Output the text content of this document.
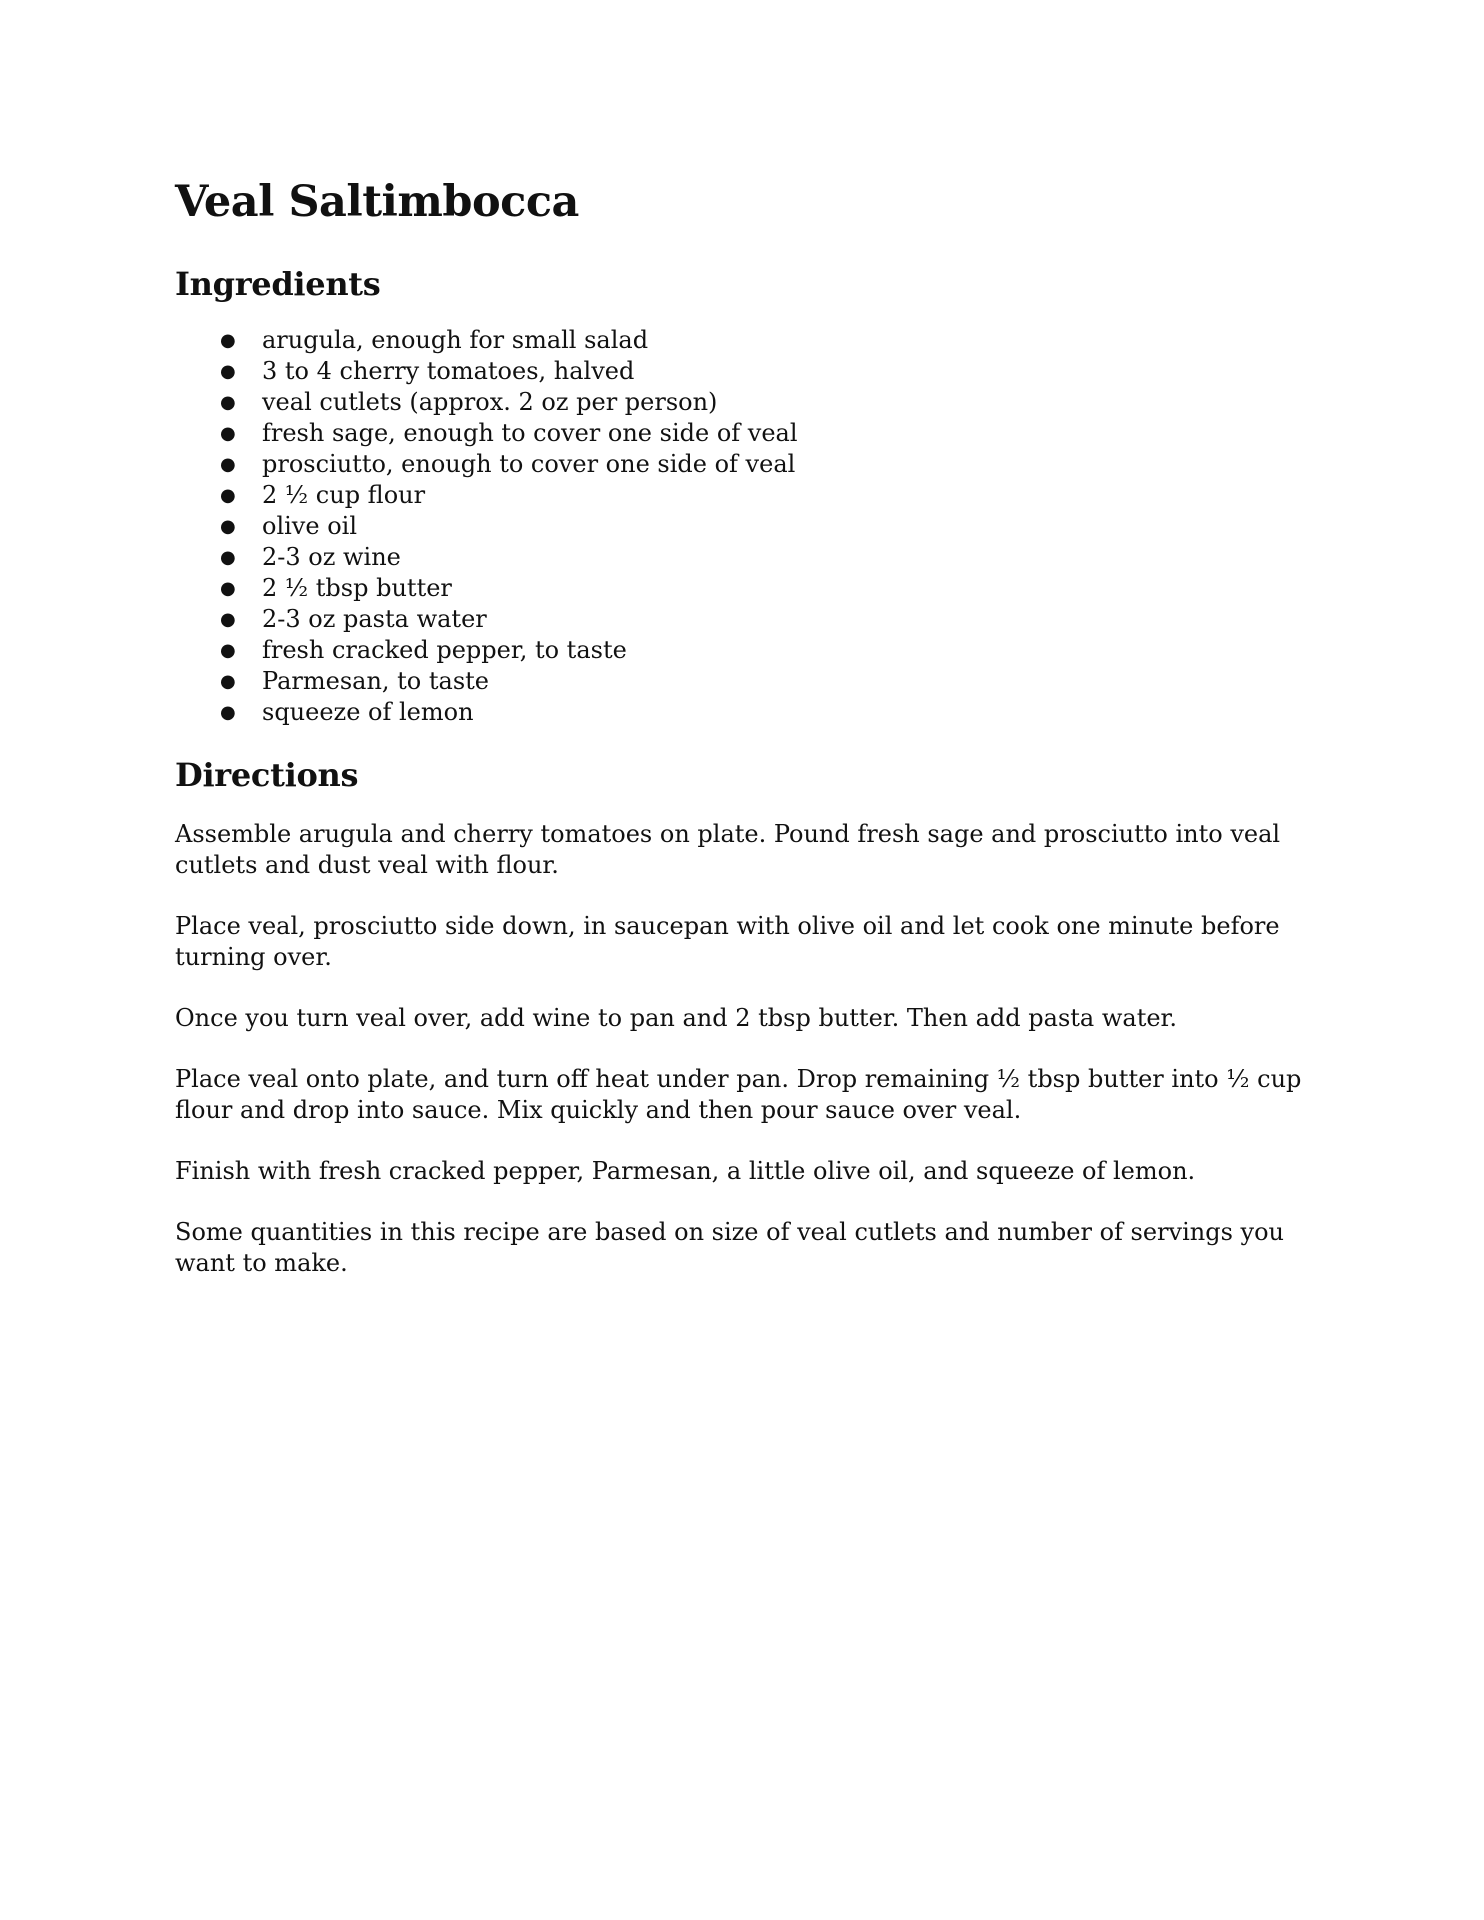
Veal Saltimbocca
Ingredients
●	arugula, enough for small salad
●	3 to 4 cherry tomatoes, halved
●	veal cutlets (approx. 2 oz per person)
●	fresh sage, enough to cover one side of veal
●	prosciutto, enough to cover one side of veal
●	2 ½ cup flour
●	olive oil
●	2-3 oz wine
●	2 ½ tbsp butter
●	2-3 oz pasta water
●	fresh cracked pepper, to taste
●	Parmesan, to taste
●	squeeze of lemon
Directions

Assemble arugula and cherry tomatoes on plate. Pound fresh sage and prosciutto into veal cutlets and dust veal with flour.

Place veal, prosciutto side down, in saucepan with olive oil and let cook one minute before turning over.

Once you turn veal over, add wine to pan and 2 tbsp butter. Then add pasta water.

Place veal onto plate, and turn off heat under pan. Drop remaining ½ tbsp butter into ½ cup flour and drop into sauce. Mix quickly and then pour sauce over veal.

Finish with fresh cracked pepper, Parmesan, a little olive oil, and squeeze of lemon.

Some quantities in this recipe are based on size of veal cutlets and number of servings you want to make.
